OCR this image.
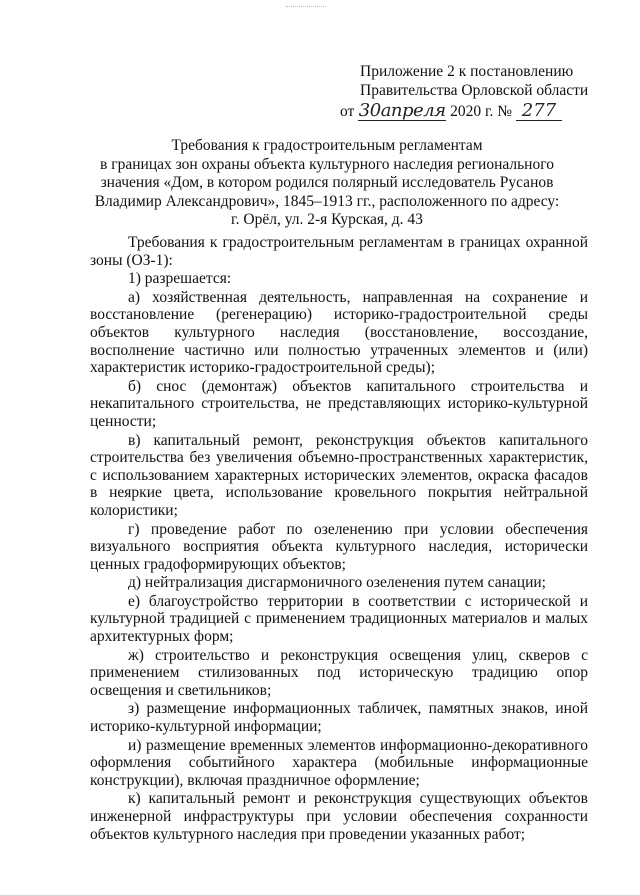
Приложение 2 к постановлению
Правительства Орловской области
от 30апреля 2020 г. № 277
Требования к градостроительным регламентам
в границах зон охраны объекта культурного наследия регионального
значения «Дом, в котором родился полярный исследователь Русанов
Владимир Александрович», 1845–1913 гг., расположенного по адресу:
г. Орёл, ул. 2-я Курская, д. 43

Требования к градостроительным регламентам в границах охранной зоны (ОЗ-1):

1) разрешается:

а) хозяйственная деятельность, направленная на сохранение и восстановление (регенерацию) историко-градостроительной среды объектов культурного наследия (восстановление, воссоздание, восполнение частично или полностью утраченных элементов и (или) характеристик историко-градостроительной среды);

б) снос (демонтаж) объектов капитального строительства и некапитального строительства, не представляющих историко-культурной ценности;

в) капитальный ремонт, реконструкция объектов капитального строительства без увеличения объемно-пространственных характеристик, с использованием характерных исторических элементов, окраска фасадов в неяркие цвета, использование кровельного покрытия нейтральной колористики;

г) проведение работ по озеленению при условии обеспечения визуального восприятия объекта культурного наследия, исторически ценных градоформирующих объектов;

д) нейтрализация дисгармоничного озеленения путем санации;

е) благоустройство территории в соответствии с исторической и культурной традицией с применением традиционных материалов и малых архитектурных форм;

ж) строительство и реконструкция освещения улиц, скверов с применением стилизованных под историческую традицию опор освещения и светильников;

з) размещение информационных табличек, памятных знаков, иной историко-культурной информации;

и) размещение временных элементов информационно-декоративного оформления событийного характера (мобильные информационные конструкции), включая праздничное оформление;

к) капитальный ремонт и реконструкция существующих объектов инженерной инфраструктуры при условии обеспечения сохранности объектов культурного наследия при проведении указанных работ;
